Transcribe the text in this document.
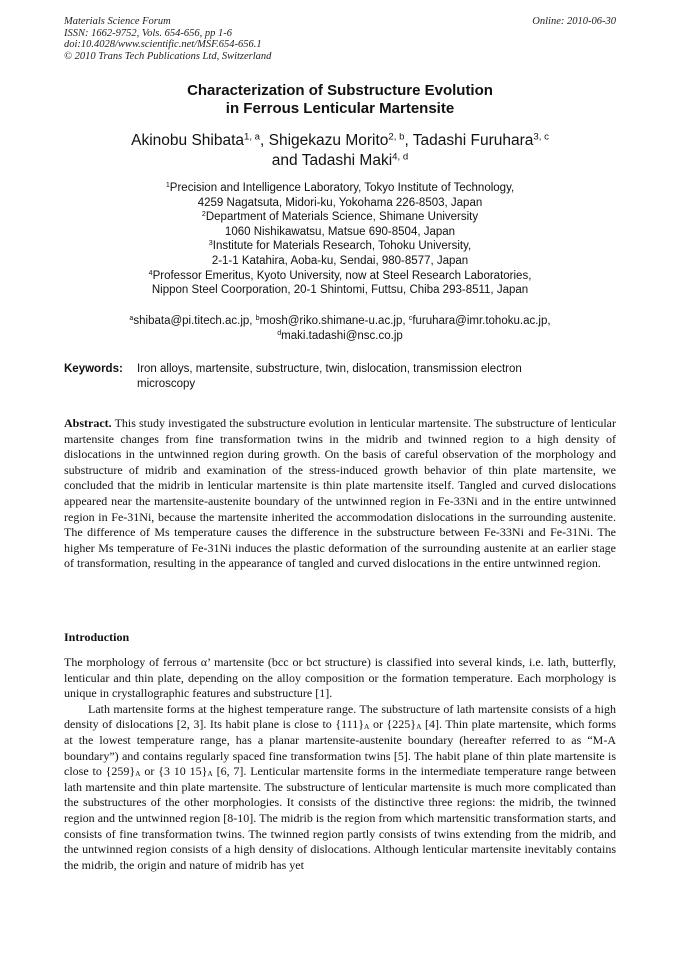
Materials Science Forum
ISSN: 1662-9752, Vols. 654-656, pp 1-6
doi:10.4028/www.scientific.net/MSF.654-656.1
© 2010 Trans Tech Publications Ltd, Switzerland
Online: 2010-06-30
Characterization of Substructure Evolution
in Ferrous Lenticular Martensite
Akinobu Shibata$^{1, a}$, Shigekazu Morito$^{2, b}$, Tadashi Furuhara$^{3, c}$
and Tadashi Maki$^{4, d}$
$^1$Precision and Intelligence Laboratory, Tokyo Institute of Technology,
4259 Nagatsuta, Midori-ku, Yokohama 226-8503, Japan
$^2$Department of Materials Science, Shimane University
1060 Nishikawatsu, Matsue 690-8504, Japan
$^3$Institute for Materials Research, Tohoku University,
2-1-1 Katahira, Aoba-ku, Sendai, 980-8577, Japan
$^4$Professor Emeritus, Kyoto University, now at Steel Research Laboratories,
Nippon Steel Coorporation, 20-1 Shintomi, Futtsu, Chiba 293-8511, Japan
$^a$shibata@pi.titech.ac.jp, $^b$mosh@riko.shimane-u.ac.jp, $^c$furuhara@imr.tohoku.ac.jp,
$^d$maki.tadashi@nsc.co.jp
Keywords: Iron alloys, martensite, substructure, twin, dislocation, transmission electron microscopy
Abstract. This study investigated the substructure evolution in lenticular martensite. The substructure of lenticular martensite changes from fine transformation twins in the midrib and twinned region to a high density of dislocations in the untwinned region during growth. On the basis of careful observation of the morphology and substructure of midrib and examination of the stress-induced growth behavior of thin plate martensite, we concluded that the midrib in lenticular martensite is thin plate martensite itself. Tangled and curved dislocations appeared near the martensite-austenite boundary of the untwinned region in Fe-33Ni and in the entire untwinned region in Fe-31Ni, because the martensite inherited the accommodation dislocations in the surrounding austenite. The difference of Ms temperature causes the difference in the substructure between Fe-33Ni and Fe-31Ni. The higher Ms temperature of Fe-31Ni induces the plastic deformation of the surrounding austenite at an earlier stage of transformation, resulting in the appearance of tangled and curved dislocations in the entire untwinned region.
Introduction

The morphology of ferrous α’ martensite (bcc or bct structure) is classified into several kinds, i.e. lath, butterfly, lenticular and thin plate, depending on the alloy composition or the formation temperature. Each morphology is unique in crystallographic features and substructure [1].

Lath martensite forms at the highest temperature range. The substructure of lath martensite consists of a high density of dislocations [2, 3]. Its habit plane is close to $\{111\}_A$ or $\{225\}_A$ [4]. Thin plate martensite, which forms at the lowest temperature range, has a planar martensite-austenite boundary (hereafter referred to as “M-A boundary”) and contains regularly spaced fine transformation twins [5]. The habit plane of thin plate martensite is close to $\{259\}_A$ or {3 10 $15\}_A$ [6, 7]. Lenticular martensite forms in the intermediate temperature range between lath martensite and thin plate martensite. The substructure of lenticular martensite is much more complicated than the substructures of the other morphologies. It consists of the distinctive three regions: the midrib, the twinned region and the untwinned region [8-10]. The midrib is the region from which martensitic transformation starts, and consists of fine transformation twins. The twinned region partly consists of twins extending from the midrib, and the untwinned region consists of a high density of dislocations. Although lenticular martensite inevitably contains the midrib, the origin and nature of midrib has yet
